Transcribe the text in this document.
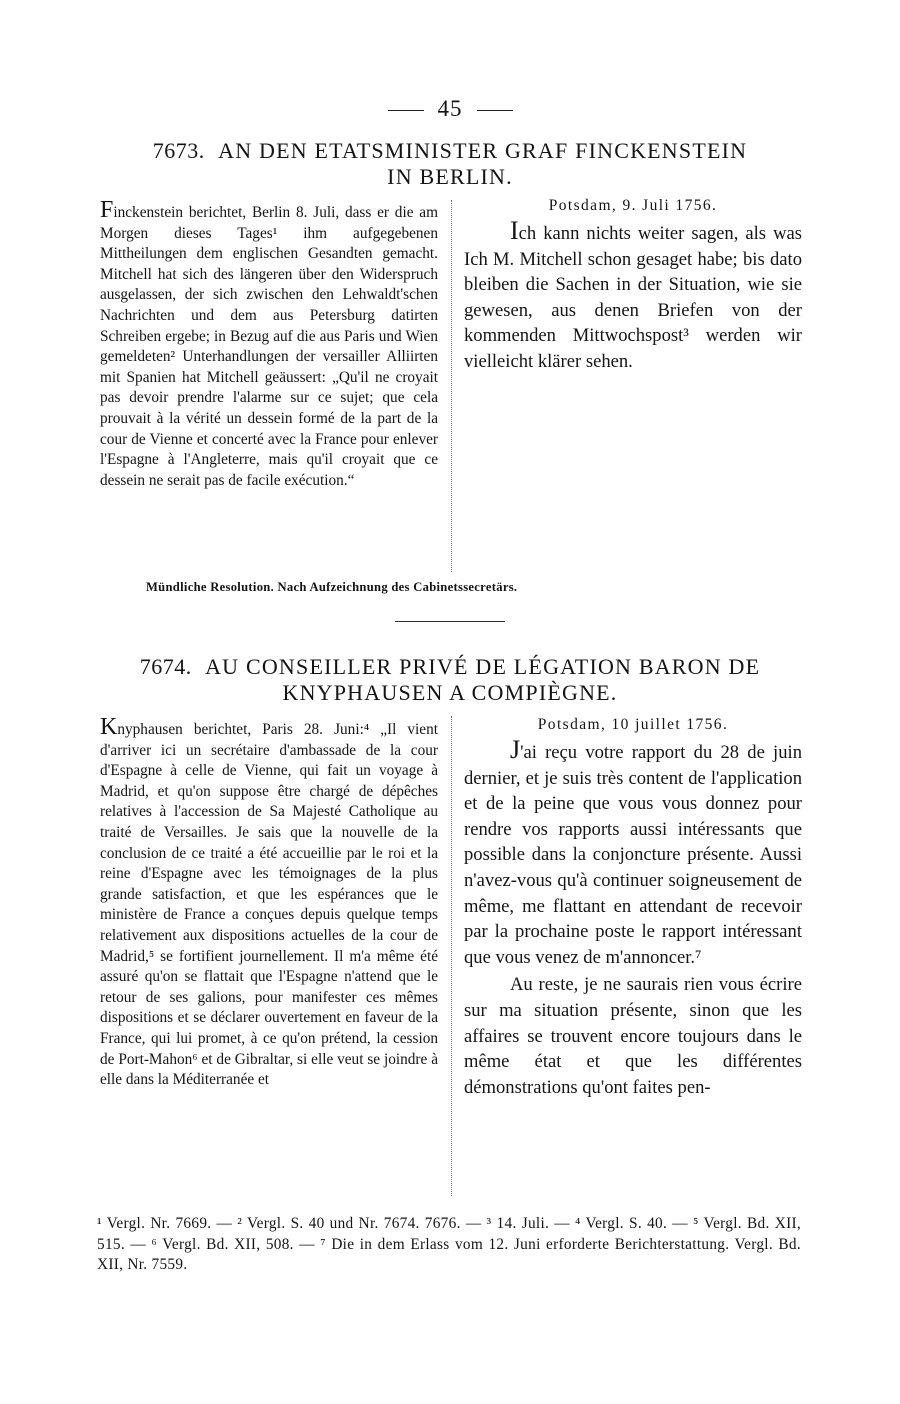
45
7673. AN DEN ETATSMINISTER GRAF FINCKENSTEIN
IN BERLIN.

Finckenstein berichtet, Berlin 8. Juli, dass er die am Morgen dieses Tages¹ ihm aufgegebenen Mittheilungen dem englischen Gesandten gemacht. Mitchell hat sich des längeren über den Widerspruch ausgelassen, der sich zwischen den Lehwaldt'schen Nachrichten und dem aus Petersburg datirten Schreiben ergebe; in Bezug auf die aus Paris und Wien gemeldeten² Unterhandlungen der versailler Alliirten mit Spanien hat Mitchell geäussert: „Qu'il ne croyait pas devoir prendre l'alarme sur ce sujet; que cela prouvait à la vérité un dessein formé de la part de la cour de Vienne et concerté avec la France pour enlever l'Espagne à l'Angleterre, mais qu'il croyait que ce dessein ne serait pas de facile exécution.“

Potsdam, 9. Juli 1756.

Ich kann nichts weiter sagen, als was Ich M. Mitchell schon gesaget habe; bis dato bleiben die Sachen in der Situation, wie sie gewesen, aus denen Briefen von der kommenden Mittwochspost³ werden wir vielleicht klärer sehen.

Mündliche Resolution. Nach Aufzeichnung des Cabinetssecretärs.
7674. AU CONSEILLER PRIVÉ DE LÉGATION BARON DE
KNYPHAUSEN A COMPIÈGNE.

Knyphausen berichtet, Paris 28. Juni:⁴ „Il vient d'arriver ici un secrétaire d'ambassade de la cour d'Espagne à celle de Vienne, qui fait un voyage à Madrid, et qu'on suppose être chargé de dépêches relatives à l'accession de Sa Majesté Catholique au traité de Versailles. Je sais que la nouvelle de la conclusion de ce traité a été accueillie par le roi et la reine d'Espagne avec les témoignages de la plus grande satisfaction, et que les espérances que le ministère de France a conçues depuis quelque temps relativement aux dispositions actuelles de la cour de Madrid,⁵ se fortifient journellement. Il m'a même été assuré qu'on se flattait que l'Espagne n'attend que le retour de ses galions, pour manifester ces mêmes dispositions et se déclarer ouvertement en faveur de la France, qui lui promet, à ce qu'on prétend, la cession de Port-Mahon⁶ et de Gibraltar, si elle veut se joindre à elle dans la Méditerranée et

Potsdam, 10 juillet 1756.

J'ai reçu votre rapport du 28 de juin dernier, et je suis très content de l'application et de la peine que vous vous donnez pour rendre vos rapports aussi intéressants que possible dans la conjoncture présente. Aussi n'avez-vous qu'à continuer soigneusement de même, me flattant en attendant de recevoir par la prochaine poste le rapport intéressant que vous venez de m'annoncer.⁷

Au reste, je ne saurais rien vous écrire sur ma situation présente, sinon que les affaires se trouvent encore toujours dans le même état et que les différentes démonstrations qu'ont faites pen-

¹ Vergl. Nr. 7669. — ² Vergl. S. 40 und Nr. 7674. 7676. — ³ 14. Juli. — ⁴ Vergl. S. 40. — ⁵ Vergl. Bd. XII, 515. — ⁶ Vergl. Bd. XII, 508. — ⁷ Die in dem Erlass vom 12. Juni erforderte Berichterstattung. Vergl. Bd. XII, Nr. 7559.
